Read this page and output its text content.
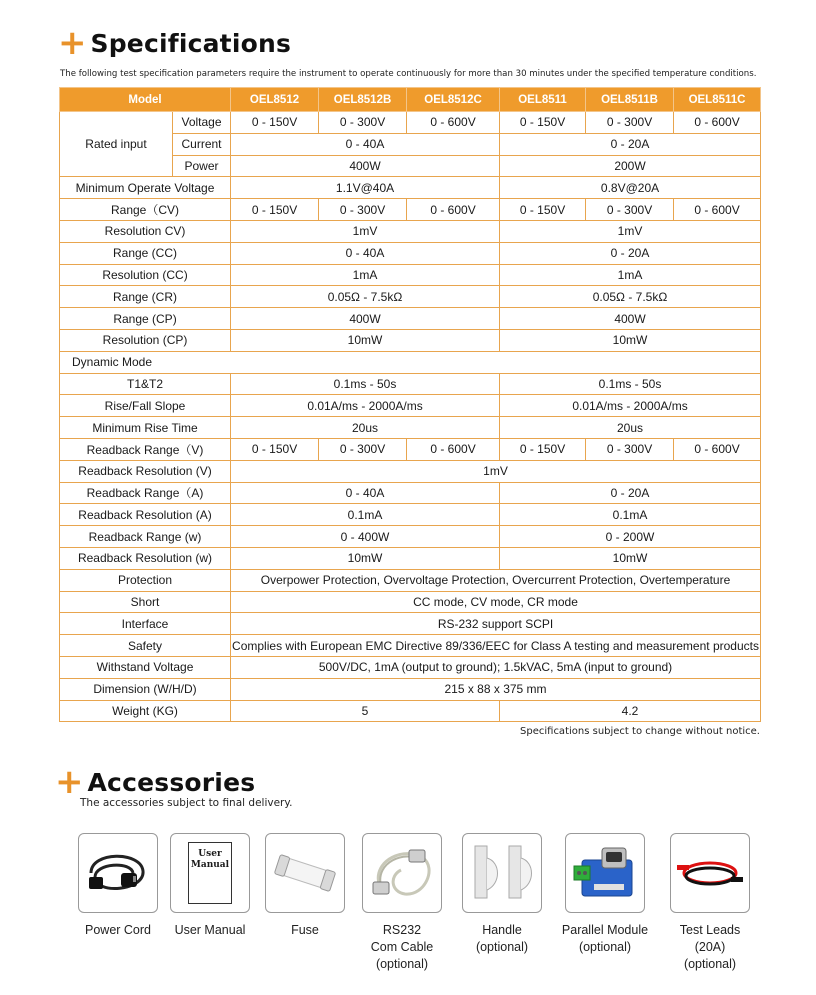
+ Specifications
The following test specification parameters require the instrument to operate continuously for more than 30 minutes under the specified temperature conditions.
Model		OEL8512	OEL8512B	OEL8512C	OEL8511	OEL8511B	OEL8511C
Rated input	Voltage	0 - 150V	0 - 300V	0 - 600V	0 - 150V	0 - 300V	0 - 600V
	Current	0 - 40A			0 - 20A		
	Power	400W			200W		
Minimum Operate Voltage		1.1V@40A			0.8V@20A		
Range（CV)		0 - 150V	0 - 300V	0 - 600V	0 - 150V	0 - 300V	0 - 600V
Resolution CV)		1mV			1mV		
Range (CC)		0 - 40A			0 - 20A		
Resolution (CC)		1mA			1mA		
Range (CR)		0.05Ω - 7.5kΩ			0.05Ω - 7.5kΩ		
Range (CP)		400W			400W		
Resolution (CP)		10mW			10mW		
Dynamic Mode							
T1&T2		0.1ms - 50s			0.1ms - 50s		
Rise/Fall Slope		0.01A/ms - 2000A/ms			0.01A/ms - 2000A/ms		
Minimum Rise Time		20us			20us		
Readback Range（V)		0 - 150V	0 - 300V	0 - 600V	0 - 150V	0 - 300V	0 - 600V
Readback Resolution (V)		1mV					
Readback Range（A)		0 - 40A			0 - 20A		
Readback Resolution (A)		0.1mA			0.1mA		
Readback Range (w)		0 - 400W			0 - 200W		
Readback Resolution (w)		10mW			10mW		
Protection		Overpower Protection, Overvoltage Protection, Overcurrent Protection, Overtemperature					
Short		CC mode, CV mode, CR mode					
Interface		RS-232 support SCPI					
Safety		Complies with European EMC Directive 89/336/EEC for Class A testing and measurement products					
Withstand Voltage		500V/DC, 1mA (output to ground); 1.5kVAC, 5mA (input to ground)					
Dimension (W/H/D)		215 x 88 x 375 mm					
Weight (KG)		5			4.2		
Specifications subject to change without notice.
+ Accessories
The accessories subject to final delivery.
Power Cord
User
Manual
User Manual	Fuse	RS232
Com Cable
(optional)
Handle
(optional)
Parallel Module
(optional)
Test Leads
(20A)
(optional)
